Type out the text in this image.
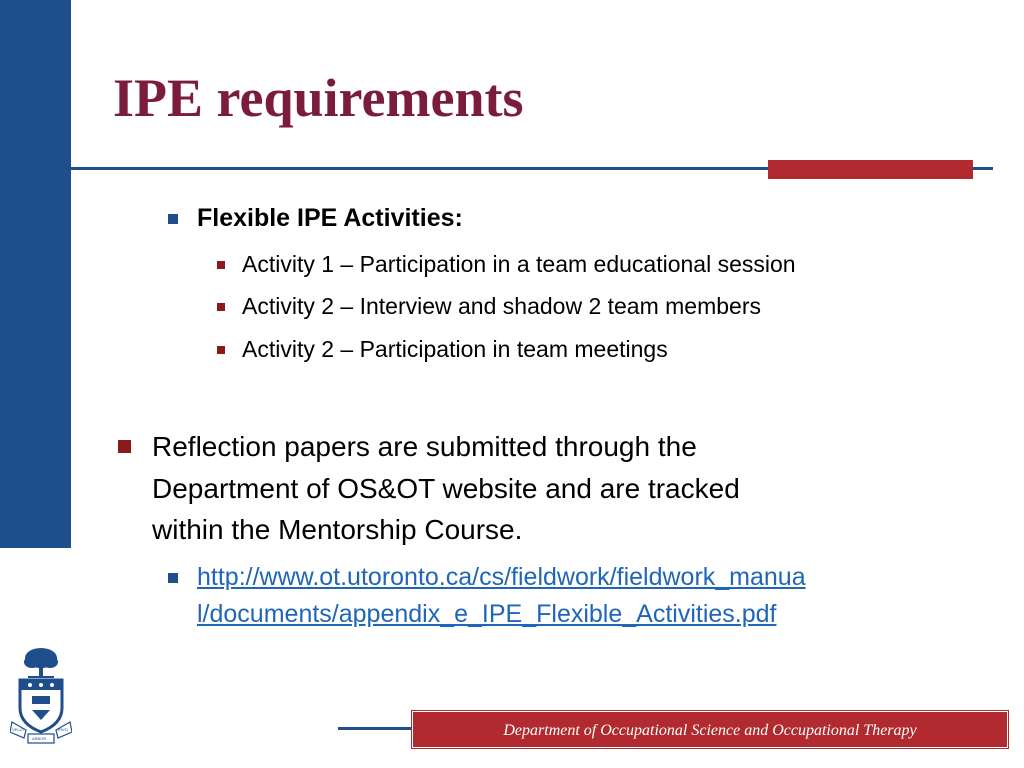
IPE requirements
Flexible IPE Activities:
Activity 1 – Participation in a team educational session
Activity 2 – Interview and shadow 2 team members
Activity 2 – Participation in team meetings
Reflection papers are submitted through the
Department of OS&OT website and are tracked
within the Mentorship Course.
http://www.ot.utoronto.ca/cs/fieldwork/fieldwork_manua
l/documents/appendix_e_IPE_Flexible_Activities.pdf
VELUT	IRVO
ARBOR	Department of Occupational Science and Occupational Therapy
